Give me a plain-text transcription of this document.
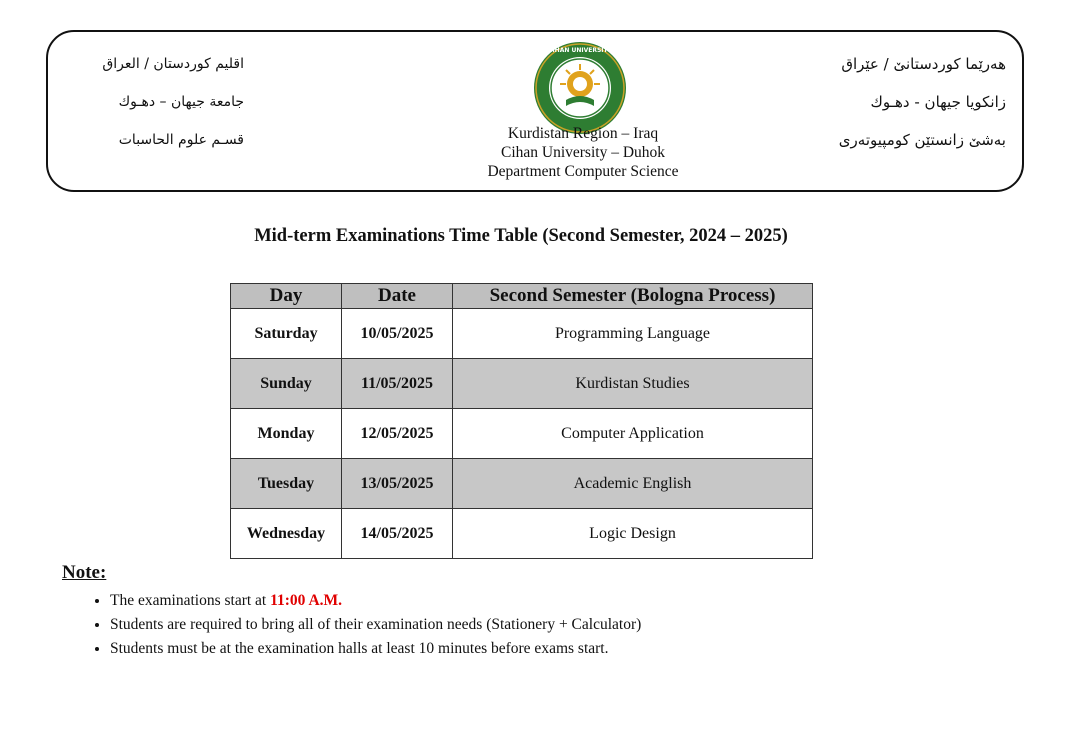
اقليم كوردستان / العراق
جامعة جيهان – دهـوك
قسـم علوم الحاسبات
CIHAN UNIVERSITY
Kurdistan Region – Iraq
Cihan University – Duhok
Department Computer Science
هەرێما كوردستانێ / عێراق
زانكويا جيهان - دهـوك
بەشێ زانستێن كومپيوتەرى
Mid-term Examinations Time Table (Second Semester, 2024 – 2025)
Day	Date	Second Semester (Bologna Process)
Saturday	10/05/2025	Programming Language
Sunday	11/05/2025	Kurdistan Studies
Monday	12/05/2025	Computer Application
Tuesday	13/05/2025	Academic English
Wednesday	14/05/2025	Logic Design
Note:
• The examinations start at 11:00 A.M.
• Students are required to bring all of their examination needs (Stationery + Calculator)
• Students must be at the examination halls at least 10 minutes before exams start.
